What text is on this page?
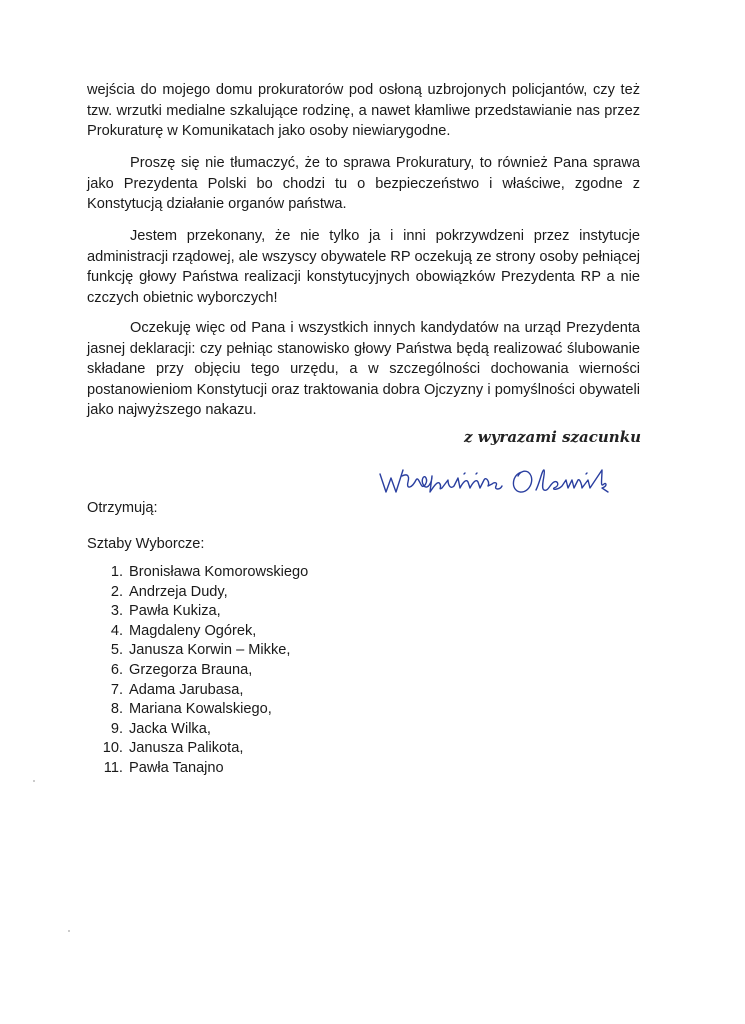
wejścia do mojego domu prokuratorów pod osłoną uzbrojonych policjantów, czy też tzw. wrzutki medialne szkalujące rodzinę, a nawet kłamliwe przedstawianie nas przez Prokuraturę w Komunikatach jako osoby niewiarygodne.

Proszę się nie tłumaczyć, że to sprawa Prokuratury, to również Pana sprawa jako Prezydenta Polski bo chodzi tu o bezpieczeństwo i właściwe, zgodne z Konstytucją działanie organów państwa.

Jestem przekonany, że nie tylko ja i inni pokrzywdzeni przez instytucje administracji rządowej, ale wszyscy obywatele RP oczekują ze strony osoby pełniącej funkcję głowy Państwa realizacji konstytucyjnych obowiązków Prezydenta RP a nie czczych obietnic wyborczych!

Oczekuję więc od Pana i wszystkich innych kandydatów na urząd Prezydenta jasnej deklaracji: czy pełniąc stanowisko głowy Państwa będą realizować ślubowanie składane przy objęciu tego urzędu, a w szczególności dochowania wierności postanowieniom Konstytucji oraz traktowania dobra Ojczyzny i pomyślności obywateli jako najwyższego nakazu.

z wyrazami szacunku
Otrzymują:
Sztaby Wyborcze:
1. Bronisława Komorowskiego
2. Andrzeja Dudy,
3. Pawła Kukiza,
4. Magdaleny Ogórek,
5. Janusza Korwin – Mikke,
6. Grzegorza Brauna,
7. Adama Jarubasa,
8. Mariana Kowalskiego,
9. Jacka Wilka,
10. Janusza Palikota,
11. Pawła Tanajno
